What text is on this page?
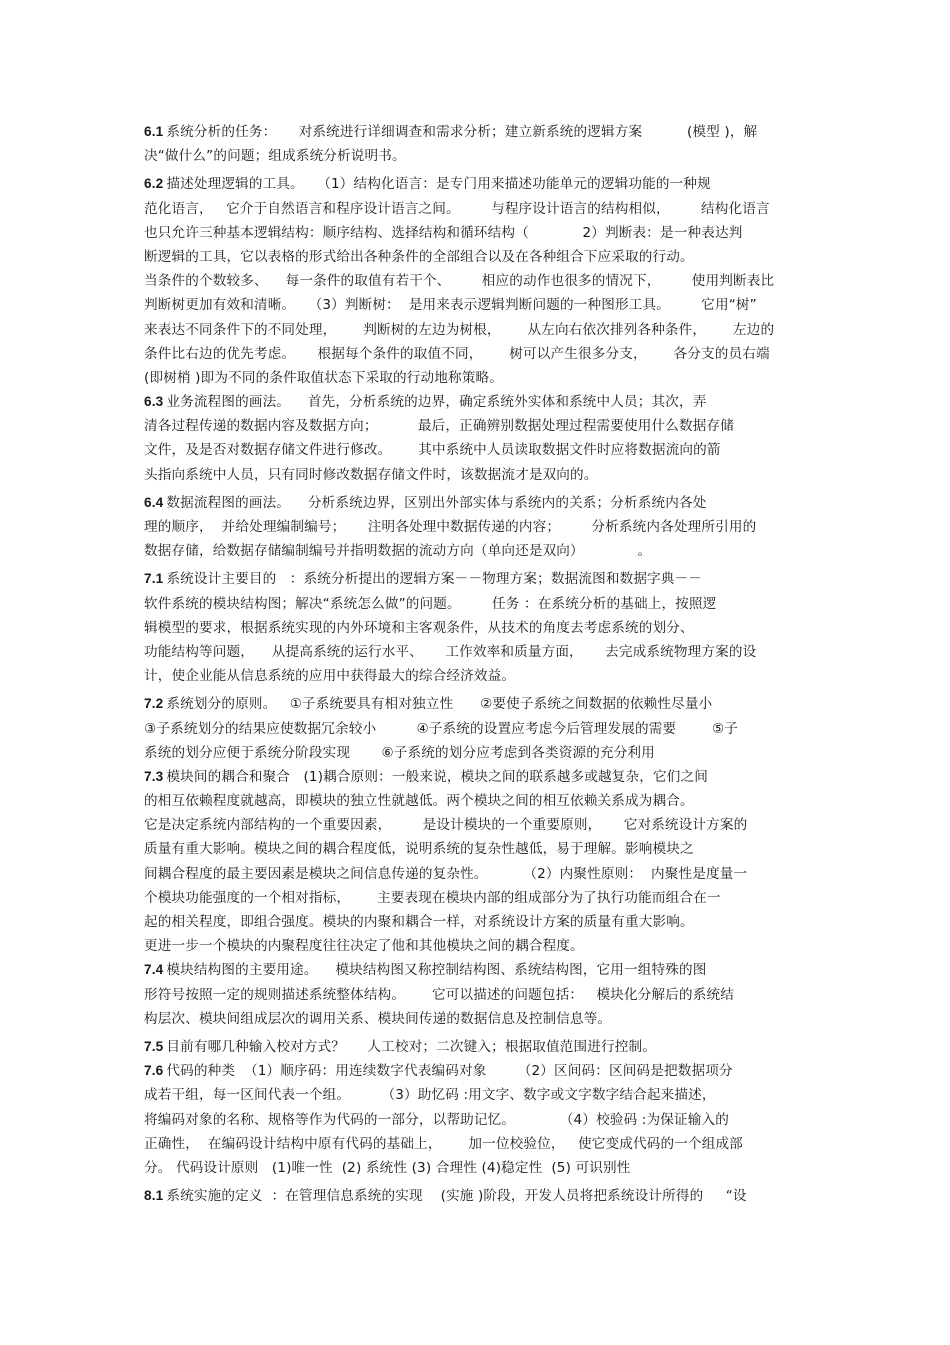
6.1 系统分析的任务：     对系统进行详细调查和需求分析；建立新系统的逻辑方案          (模型 )，解
决“做什么”的问题；组成系统分析说明书。
6.2 描述处理逻辑的工具。   （1）结构化语言：是专门用来描述功能单元的逻辑功能的一种规
范化语言，   它介于自然语言和程序设计语言之间。       与程序设计语言的结构相似，       结构化语言
也只允许三种基本逻辑结构：顺序结构、选择结构和循环结构（            2）判断表：是一种表达判
断逻辑的工具，它以表格的形式给出各种条件的全部组合以及在各种组合下应采取的行动。
当条件的个数较多、    每一条件的取值有若干个、       相应的动作也很多的情况下，       使用判断表比
判断树更加有效和清晰。   （3）判断树：  是用来表示逻辑判断问题的一种图形工具。       它用“树”
来表达不同条件下的不同处理，      判断树的左边为树根，      从左向右依次排列各种条件，      左边的
条件比右边的优先考虑。     根据每个条件的取值不同，      树可以产生很多分支，      各分支的员右端
(即树梢 )即为不同的条件取值状态下采取的行动地称策略。
6.3 业务流程图的画法。    首先，分析系统的边界，确定系统外实体和系统中人员；其次，弄
清各过程传递的数据内容及数据方向；         最后，正确辨别数据处理过程需要使用什么数据存储
文件，及是否对数据存储文件进行修改。      其中系统中人员读取数据文件时应将数据流向的箭
头指向系统中人员，只有同时修改数据存储文件时，该数据流才是双向的。
6.4 数据流程图的画法。    分析系统边界，区别出外部实体与系统内的关系；分析系统内各处
理的顺序，  并给处理编制编号；     注明各处理中数据传递的内容；       分析系统内各处理所引用的
数据存储，给数据存储编制编号并指明数据的流动方向（单向还是双向）            。
7.1 系统设计主要目的   ：系统分析提出的逻辑方案－－物理方案；数据流图和数据字典－－
软件系统的模块结构图；解决“系统怎么做”的问题。       任务 ：在系统分析的基础上，按照逻
辑模型的要求，根据系统实现的内外环境和主客观条件，从技术的角度去考虑系统的划分、
功能结构等问题，    从提高系统的运行水平、     工作效率和质量方面，     去完成系统物理方案的设
计，使企业能从信息系统的应用中获得最大的综合经济效益。
7.2 系统划分的原则。   ①子系统要具有相对独立性      ②要使子系统之间数据的依赖性尽量小
③子系统划分的结果应使数据冗余较小         ④子系统的设置应考虑今后管理发展的需要        ⑤子
系统的划分应便于系统分阶段实现       ⑥子系统的划分应考虑到各类资源的充分利用
7.3 模块间的耦合和聚合   (1)耦合原则：一般来说，模块之间的联系越多或越复杂，它们之间
的相互依赖程度就越高，即模块的独立性就越低。两个模块之间的相互依赖关系成为耦合。
它是决定系统内部结构的一个重要因素，       是设计模块的一个重要原则，     它对系统设计方案的
质量有重大影响。模块之间的耦合程度低，说明系统的复杂性越低，易于理解。影响模块之
间耦合程度的最主要因素是模块之间信息传递的复杂性。        （2）内聚性原则：  内聚性是度量一
个模块功能强度的一个相对指标，      主要表现在模块内部的组成部分为了执行功能而组合在一
起的相关程度，即组合强度。模块的内聚和耦合一样，对系统设计方案的质量有重大影响。
更进一步一个模块的内聚程度往往决定了他和其他模块之间的耦合程度。
7.4 模块结构图的主要用途。    模块结构图又称控制结构图、系统结构图，它用一组特殊的图
形符号按照一定的规则描述系统整体结构。      它可以描述的问题包括：   模块化分解后的系统结
构层次、模块间组成层次的调用关系、模块间传递的数据信息及控制信息等。
7.5 目前有哪几种输入校对方式？     人工校对；二次键入；根据取值范围进行控制。
7.6 代码的种类  （1）顺序码：用连续数字代表编码对象       （2）区间码：区间码是把数据项分
成若干组，每一区间代表一个组。       （3）助忆码 :用文字、数字或文字数字结合起来描述，
将编码对象的名称、规格等作为代码的一部分，以帮助记忆。          （4）校验码 :为保证输入的
正确性，  在编码设计结构中原有代码的基础上，      加一位校验位，   使它变成代码的一个组成部
分。 代码设计原则   (1)唯一性  (2) 系统性 (3) 合理性 (4)稳定性  (5) 可识别性
8.1 系统实施的定义  ：在管理信息系统的实现    (实施 )阶段，开发人员将把系统设计所得的     “设
